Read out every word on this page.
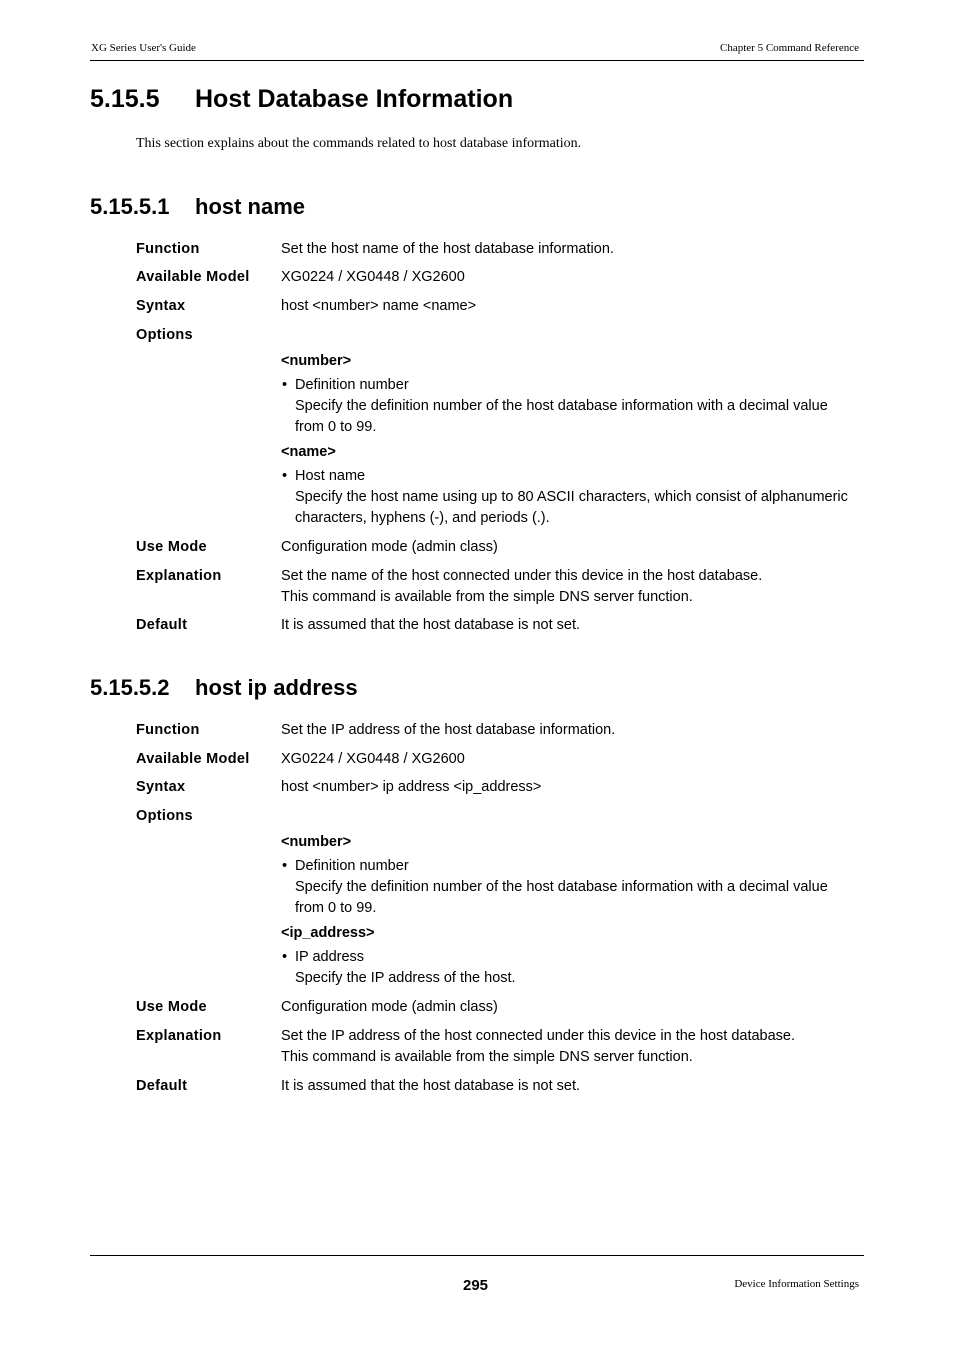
XG Series User's Guide	Chapter 5 Command Reference
5.15.5 Host Database Information
This section explains about the commands related to host database information.
5.15.5.1 host name
Function	Set the host name of the host database information.
Available Model XG0224 / XG0448 / XG2600
Syntax	host <number> name <name>
Options
<number>
• Definition number
Specify the definition number of the host database information with a decimal value from 0 to 99.
<name>
• Host name
Specify the host name using up to 80 ASCII characters, which consist of alphanumeric characters, hyphens (-), and periods (.).
Use Mode	Configuration mode (admin class)
Explanation	Set the name of the host connected under this device in the host database.
This command is available from the simple DNS server function.
Default	It is assumed that the host database is not set.
5.15.5.2 host ip address
Function	Set the IP address of the host database information.
Available Model XG0224 / XG0448 / XG2600
Syntax	host <number> ip address <ip_address>
Options
<number>
• Definition number
Specify the definition number of the host database information with a decimal value from 0 to 99.
<ip_address>
• IP address
Specify the IP address of the host.
Use Mode	Configuration mode (admin class)
Explanation	Set the IP address of the host connected under this device in the host database.
This command is available from the simple DNS server function.
Default	It is assumed that the host database is not set.
295	Device Information Settings
